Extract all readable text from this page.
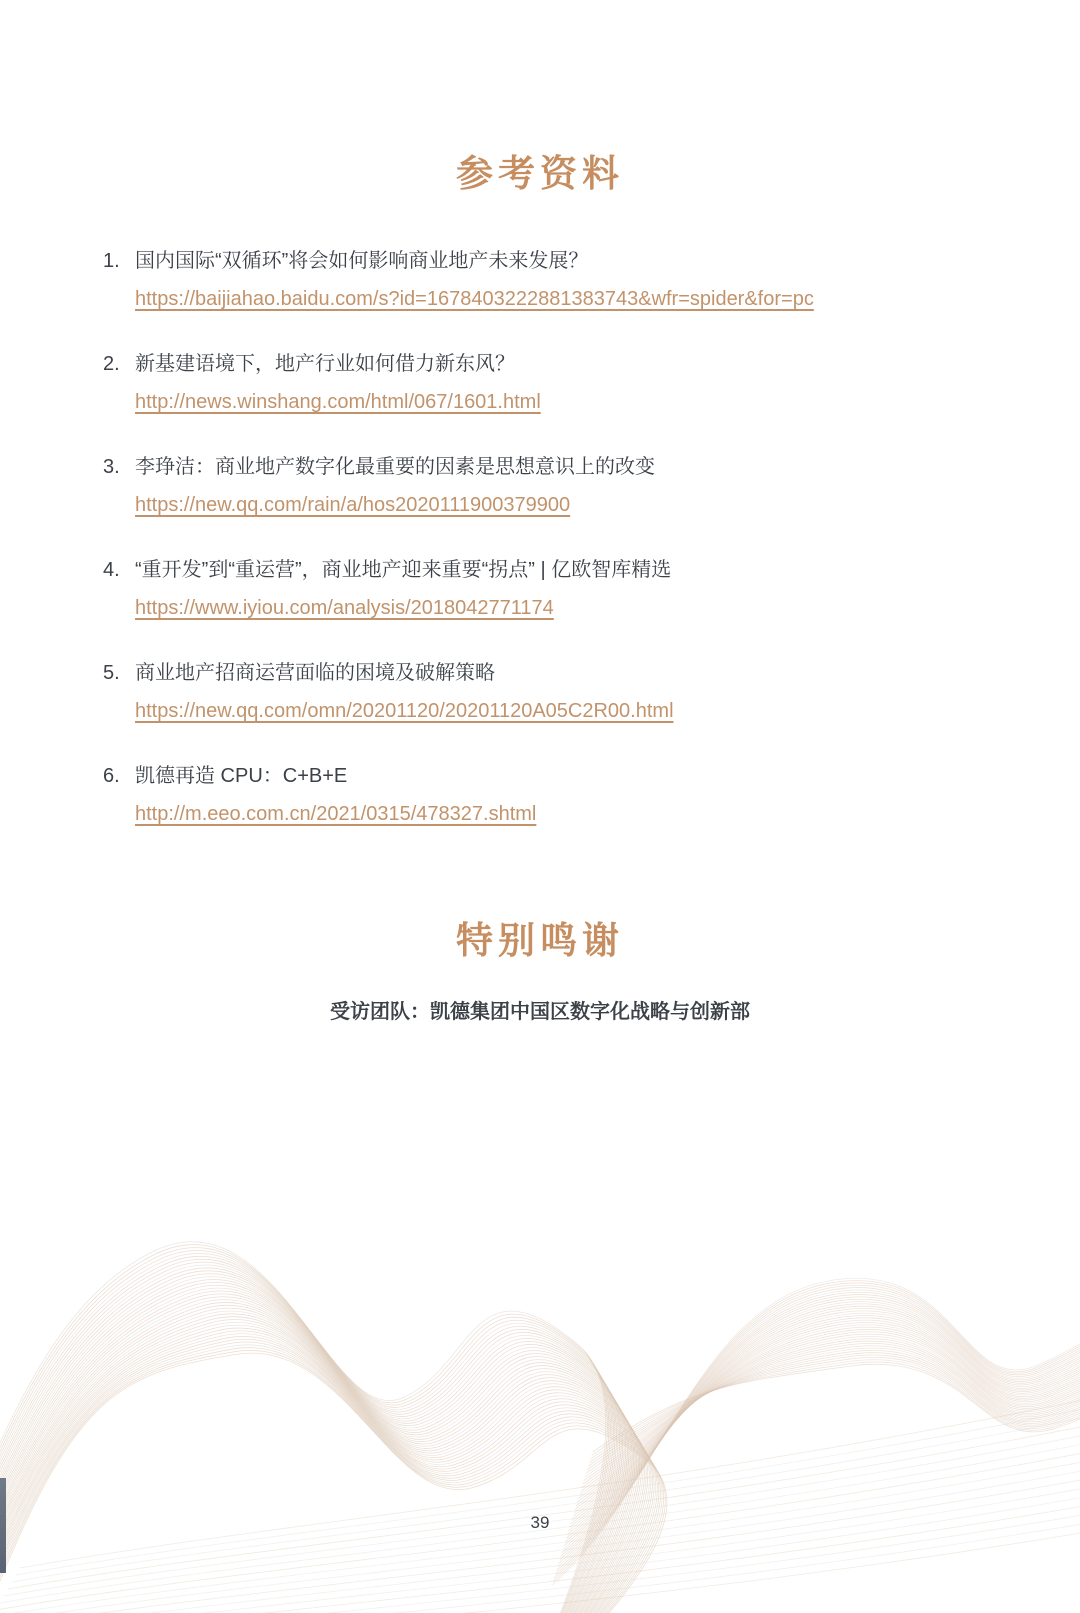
参考资料
1. 国内国际“双循环”将会如何影响商业地产未来发展？
https://baijiahao.baidu.com/s?id=1678403222881383743&wfr=spider&for=pc
2. 新基建语境下，地产行业如何借力新东风？
http://news.winshang.com/html/067/1601.html
3. 李琤洁：商业地产数字化最重要的因素是思想意识上的改变
https://new.qq.com/rain/a/hos2020111900379900
4. “重开发”到“重运营”，商业地产迎来重要“拐点” | 亿欧智库精选
https://www.iyiou.com/analysis/2018042771174
5. 商业地产招商运营面临的困境及破解策略
https://new.qq.com/omn/20201120/20201120A05C2R00.html
6. 凯德再造 CPU：C+B+E
http://m.eeo.com.cn/2021/0315/478327.shtml
特别鸣谢

受访团队：凯德集团中国区数字化战略与创新部

39
